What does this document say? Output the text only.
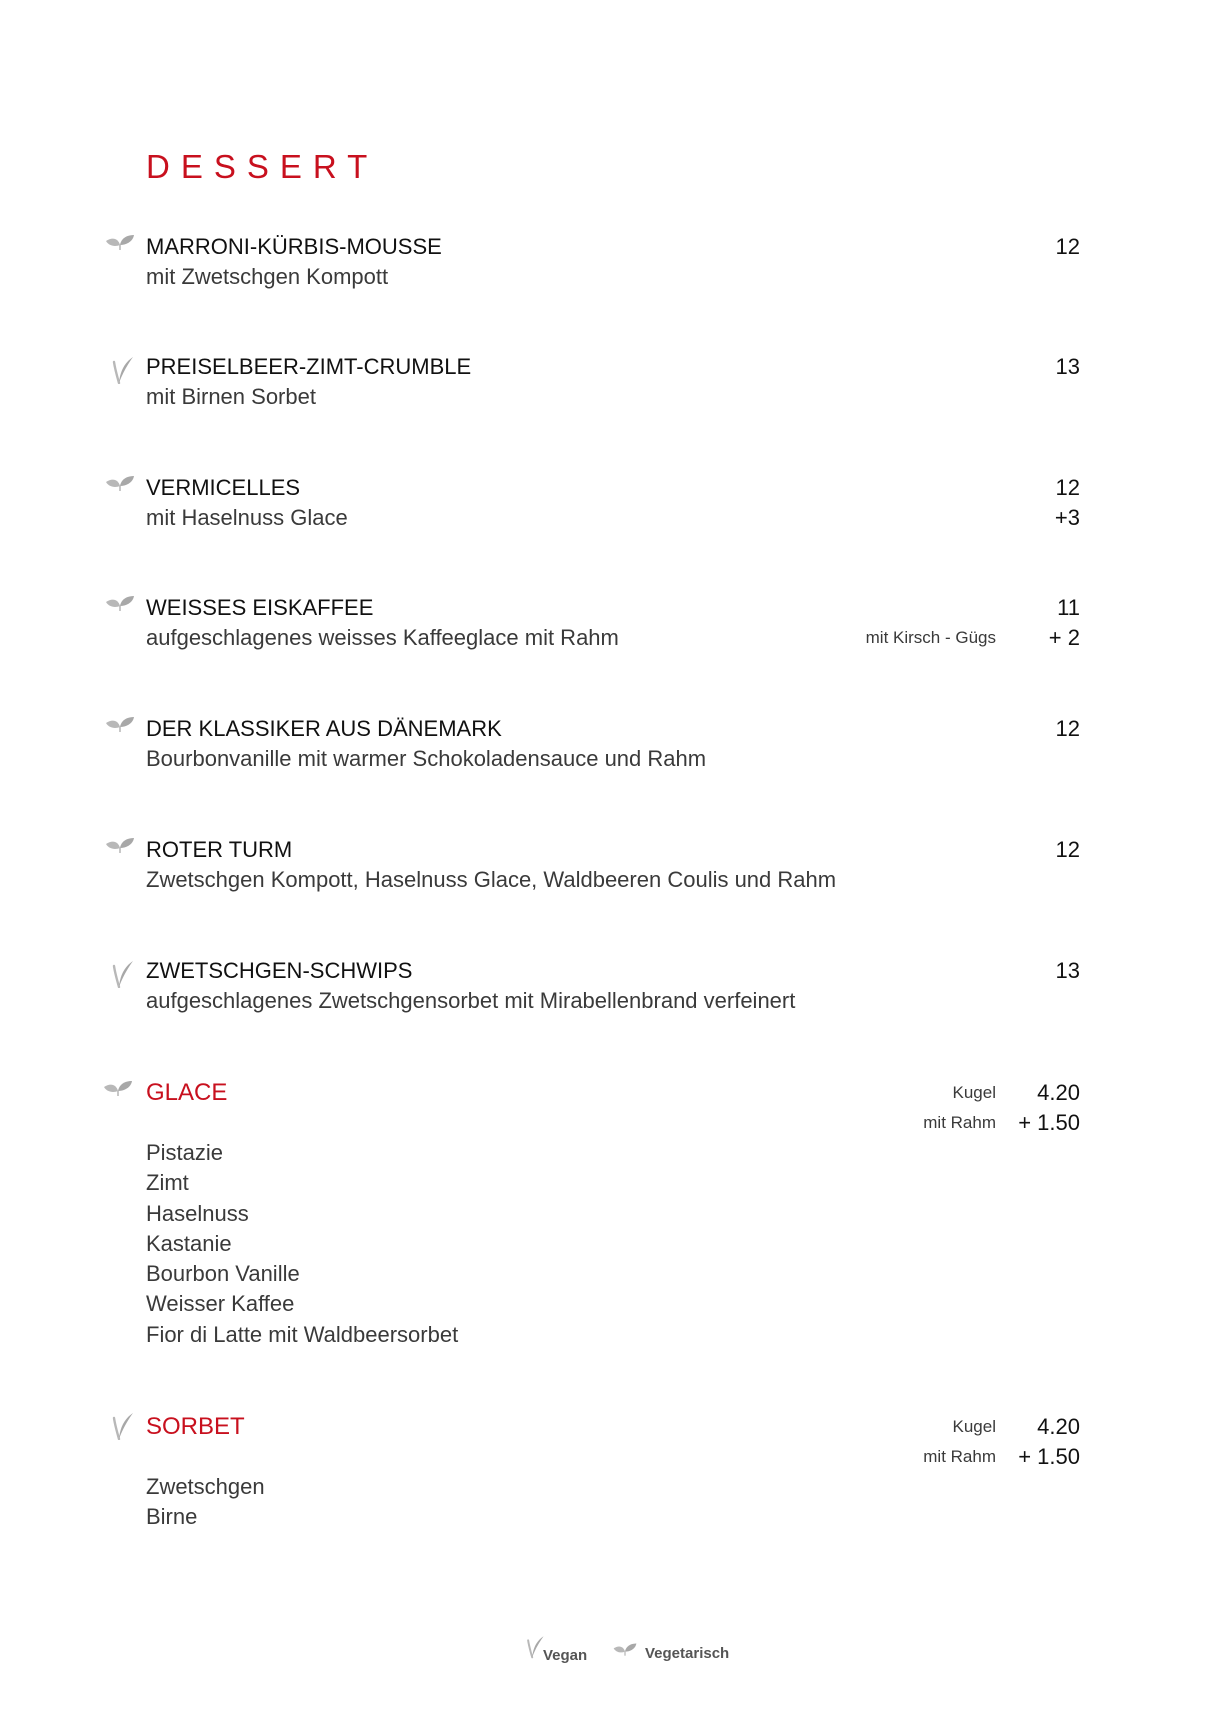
DESSERT
MARRONI-KÜRBIS-MOUSSE	12
mit Zwetschgen Kompott
PREISELBEER-ZIMT-CRUMBLE	13
mit Birnen Sorbet
VERMICELLES	12
mit Haselnuss Glace	+3
WEISSES EISKAFFEE	11
aufgeschlagenes weisses Kaffeeglace mit Rahm	mit Kirsch - Gügs + 2
DER KLASSIKER AUS DÄNEMARK	12
Bourbonvanille mit warmer Schokoladensauce und Rahm
ROTER TURM	12
Zwetschgen Kompott, Haselnuss Glace, Waldbeeren Coulis und Rahm
ZWETSCHGEN-SCHWIPS	13
aufgeschlagenes Zwetschgensorbet mit Mirabellenbrand verfeinert
GLACE	Kugel 4.20
mit Rahm + 1.50
Pistazie
Zimt
Haselnuss
Kastanie
Bourbon Vanille
Weisser Kaffee
Fior di Latte mit Waldbeersorbet
SORBET	Kugel 4.20
mit Rahm + 1.50
Zwetschgen
Birne
Vegan	Vegetarisch
